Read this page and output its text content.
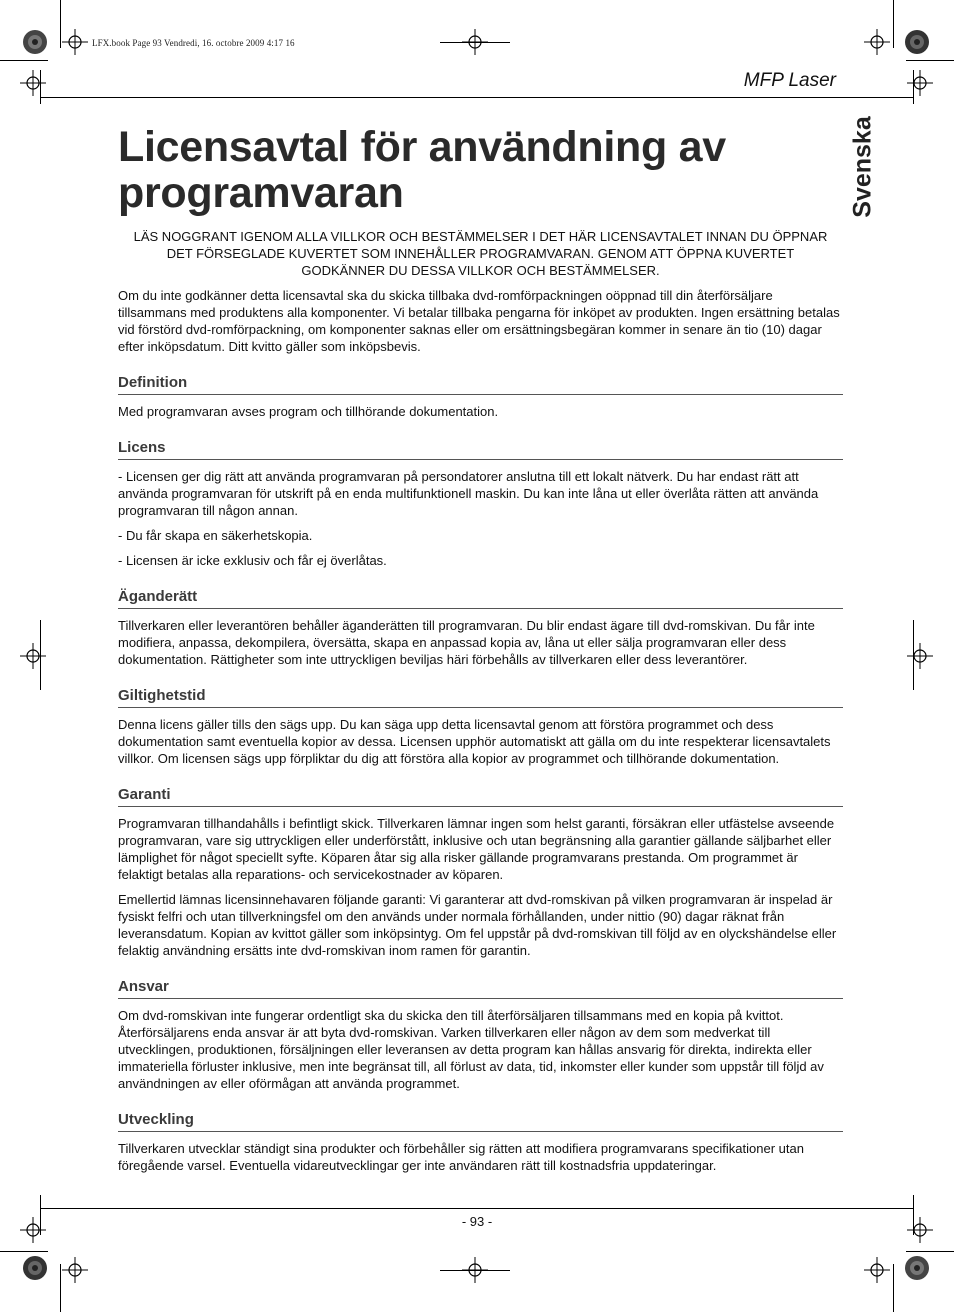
LFX.book Page 93 Vendredi, 16. octobre 2009 4:17 16
MFP Laser
Svenska
Licensavtal för användning av programvaran

LÄS NOGGRANT IGENOM ALLA VILLKOR OCH BESTÄMMELSER I DET HÄR LICENSAVTALET INNAN DU ÖPPNAR DET FÖRSEGLADE KUVERTET SOM INNEHÅLLER PROGRAMVARAN. GENOM ATT ÖPPNA KUVERTET GODKÄNNER DU DESSA VILLKOR OCH BESTÄMMELSER.

Om du inte godkänner detta licensavtal ska du skicka tillbaka dvd-romförpackningen oöppnad till din återförsäljare tillsammans med produktens alla komponenter. Vi betalar tillbaka pengarna för inköpet av produkten. Ingen ersättning betalas vid förstörd dvd-romförpackning, om komponenter saknas eller om ersättningsbegäran kommer in senare än tio (10) dagar efter inköpsdatum. Ditt kvitto gäller som inköpsbevis.

Definition

Med programvaran avses program och tillhörande dokumentation.

Licens

- Licensen ger dig rätt att använda programvaran på persondatorer anslutna till ett lokalt nätverk. Du har endast rätt att använda programvaran för utskrift på en enda multifunktionell maskin. Du kan inte låna ut eller överlåta rätten att använda programvaran till någon annan.

- Du får skapa en säkerhetskopia.

- Licensen är icke exklusiv och får ej överlåtas.

Äganderätt

Tillverkaren eller leverantören behåller äganderätten till programvaran. Du blir endast ägare till dvd-romskivan. Du får inte modifiera, anpassa, dekompilera, översätta, skapa en anpassad kopia av, låna ut eller sälja programvaran eller dess dokumentation. Rättigheter som inte uttryckligen beviljas häri förbehålls av tillverkaren eller dess leverantörer.

Giltighetstid

Denna licens gäller tills den sägs upp. Du kan säga upp detta licensavtal genom att förstöra programmet och dess dokumentation samt eventuella kopior av dessa. Licensen upphör automatiskt att gälla om du inte respekterar licensavtalets villkor. Om licensen sägs upp förpliktar du dig att förstöra alla kopior av programmet och tillhörande dokumentation.

Garanti

Programvaran tillhandahålls i befintligt skick. Tillverkaren lämnar ingen som helst garanti, försäkran eller utfästelse avseende programvaran, vare sig uttryckligen eller underförstått, inklusive och utan begränsning alla garantier gällande säljbarhet eller lämplighet för något speciellt syfte. Köparen åtar sig alla risker gällande programvarans prestanda. Om programmet är felaktigt betalas alla reparations- och servicekostnader av köparen.

Emellertid lämnas licensinnehavaren följande garanti: Vi garanterar att dvd-romskivan på vilken programvaran är inspelad är fysiskt felfri och utan tillverkningsfel om den används under normala förhållanden, under nittio (90) dagar räknat från leveransdatum. Kopian av kvittot gäller som inköpsintyg. Om fel uppstår på dvd-romskivan till följd av en olyckshändelse eller felaktig användning ersätts inte dvd-romskivan inom ramen för garantin.

Ansvar

Om dvd-romskivan inte fungerar ordentligt ska du skicka den till återförsäljaren tillsammans med en kopia på kvittot. Återförsäljarens enda ansvar är att byta dvd-romskivan. Varken tillverkaren eller någon av dem som medverkat till utvecklingen, produktionen, försäljningen eller leveransen av detta program kan hållas ansvarig för direkta, indirekta eller immateriella förluster inklusive, men inte begränsat till, all förlust av data, tid, inkomster eller kunder som uppstår till följd av användningen av eller oförmågan att använda programmet.

Utveckling

Tillverkaren utvecklar ständigt sina produkter och förbehåller sig rätten att modifiera programvarans specifikationer utan föregående varsel. Eventuella vidareutvecklingar ger inte användaren rätt till kostnadsfria uppdateringar.

- 93 -
